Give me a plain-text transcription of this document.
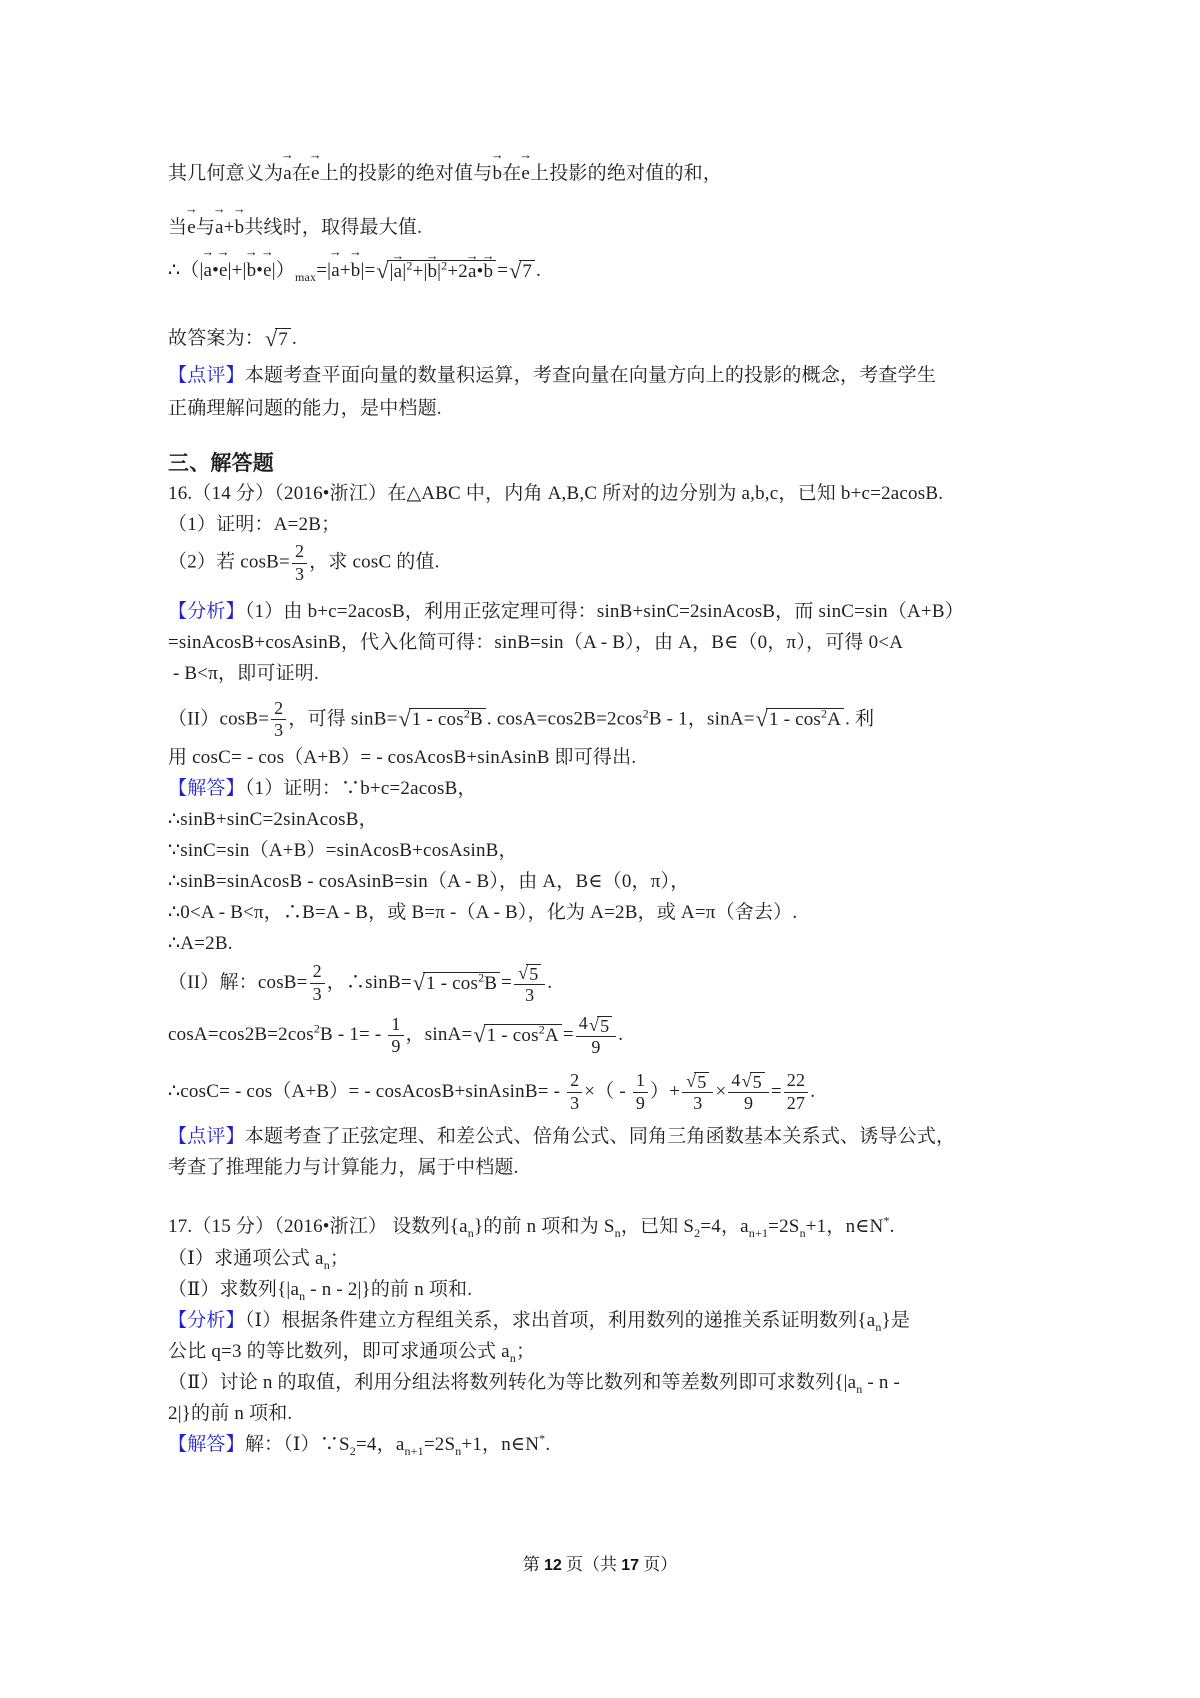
其几何意义为
→
a在
→
e上的投影的绝对值与
→
b在
→
e上投影的绝对值的和，
当
→
e与
→
a+
→
b共线时，取得最大值.
∴（|
→
a•
→
e|+|
→
b•
→
$e|)_{max}=|$
→
a+
→
b|= √ |
→
$a|^2+|$
→
$b|^2+2$
→
a•
→
b = √ 7 .
故答案为： √ 7 .
【点评】本题考查平面向量的数量积运算，考查向量在向量方向上的投影的概念，考查学生
正确理解问题的能力，是中档题.
三、解答题
16.（14 分）（2016•浙江）在△ABC 中，内角 A,B,C 所对的边分别为 a,b,c，已知 b+c=2acosB.
（1）证明：A=2B；
（2）若 $\cos B= \frac{2}{3}$ ，求 cosC 的值.
【分析】（1）由 b+c=2acosB，利用正弦定理可得：sinB+sinC=2sinAcosB，而 sinC=sin（A+B）
=sinAcosB+cosAsinB，代入化简可得：sinB=sin（A - B），由 A，B∈（0，π），可得 0<A
- B<π，即可证明.
$(II)\cos B= \frac{2}{3}$ ，可得 sinB= √ $1 - \cos^2B$ . $\cos A=\cos 2B=2\cos^2B - 1$，sinA= √ $1 - \cos^2A$ . 利
用 cosC= - cos（A+B）= - cosAcosB+sinAsinB 即可得出.
【解答】（1）证明：∵b+c=2acosB，
∴sinB+sinC=2sinAcosB，
∵sinC=sin（A+B）=sinAcosB+cosAsinB，
∴sinB=sinAcosB - cosAsinB=sin（A - B），由 A，B∈（0，π），
∴0<A - B<π，∴B=A - B，或 B=π -（A - B），化为 A=2B，或 A=π（舍去）.
∴A=2B.
（II）解：$\cos B= \frac{2}{3}$ ，∴sinB= √ $1 - \cos^2B = \frac{√ 5}{3}$ .
$\cos A=\cos 2B=2\cos^2B - 1= - \frac{1}{9}$ ，sinA= √ $1 - \cos^2A = \frac{4 √ 5}{9}$ .
∴cosC= - cos（A+B）= - cosAcosB+sinAsinB= - $\frac{2}{3}$ ×（ - $\frac{1}{9}$ ）+ $\frac{√ 5}{3} \times \frac{4 √ 5}{9} = \frac{22}{27}$ .
【点评】本题考查了正弦定理、和差公式、倍角公式、同角三角函数基本关系式、诱导公式，
考查了推理能力与计算能力，属于中档题.
17.（15 分）（2016•浙江） 设数列$\{a_n\}$的前 n 项和为 $S_n$，已知 $S_2=4$，$a_{n+1}=2S_n+1$，n∈N*.
（Ⅰ）求通项公式 $a_n$；
（Ⅱ）求数列{$|a_n$ - n - 2|}的前 n 项和.
【分析】（Ⅰ）根据条件建立方程组关系，求出首项，利用数列的递推关系证明数列$\{a_n\}$是
公比 q=3 的等比数列，即可求通项公式 $a_n$；
（Ⅱ）讨论 n 的取值，利用分组法将数列转化为等比数列和等差数列即可求数列{$|a_n$ - n -
2|}的前 n 项和.
【解答】解：$(Ⅰ)\because S_2=4$，$a_{n+1}=2S_n+1$，n∈N*.
第 12 页（共 17 页）
